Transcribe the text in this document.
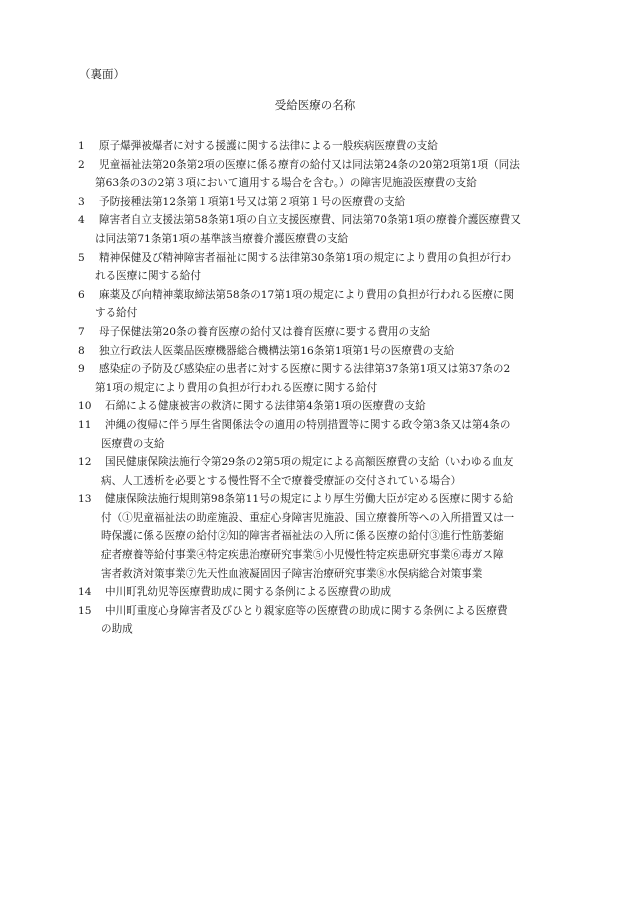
（裏面）
受給医療の名称
1	原子爆弾被爆者に対する援護に関する法律による一般疾病医療費の支給
2	児童福祉法第20条第2項の医療に係る療育の給付又は同法第24条の20第2項第1項（同法
第63条の3の2第３項において適用する場合を含む。）の障害児施設医療費の支給
3	予防接種法第12条第１項第1号又は第２項第１号の医療費の支給
4	障害者自立支援法第58条第1項の自立支援医療費、同法第70条第1項の療養介護医療費又
は同法第71条第1項の基準該当療養介護医療費の支給
5	精神保健及び精神障害者福祉に関する法律第30条第1項の規定により費用の負担が行わ
れる医療に関する給付
6	麻薬及び向精神薬取締法第58条の17第1項の規定により費用の負担が行われる医療に関
する給付
7	母子保健法第20条の養育医療の給付又は養育医療に要する費用の支給
8	独立行政法人医薬品医療機器総合機構法第16条第1項第1号の医療費の支給
9	感染症の予防及び感染症の患者に対する医療に関する法律第37条第1項又は第37条の2
第1項の規定により費用の負担が行われる医療に関する給付
10	石綿による健康被害の救済に関する法律第4条第1項の医療費の支給
11	沖縄の復帰に伴う厚生省関係法令の適用の特別措置等に関する政令第3条又は第4条の
医療費の支給
12	国民健康保険法施行令第29条の2第5項の規定による高額医療費の支給（いわゆる血友
病、人工透析を必要とする慢性腎不全で療養受療証の交付されている場合）
13	健康保険法施行規則第98条第11号の規定により厚生労働大臣が定める医療に関する給
付（①児童福祉法の助産施設、重症心身障害児施設、国立療養所等への入所措置又は一
時保護に係る医療の給付②知的障害者福祉法の入所に係る医療の給付③進行性筋萎縮
症者療養等給付事業④特定疾患治療研究事業⑤小児慢性特定疾患研究事業⑥毒ガス障
害者救済対策事業⑦先天性血液凝固因子障害治療研究事業⑧水俣病総合対策事業
14	中川町乳幼児等医療費助成に関する条例による医療費の助成
15	中川町重度心身障害者及びひとり親家庭等の医療費の助成に関する条例による医療費
の助成
